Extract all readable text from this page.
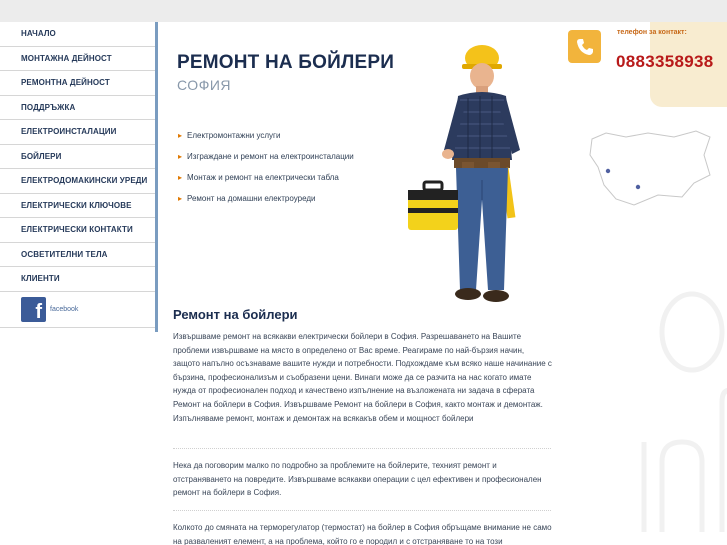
НАЧАЛО
МОНТАЖНА ДЕЙНОСТ
РЕМОНТНА ДЕЙНОСТ
ПОДДРЪЖКА
ЕЛЕКТРОИНСТАЛАЦИИ
БОЙЛЕРИ
ЕЛЕКТРОДОМАКИНСКИ УРЕДИ
ЕЛЕКТРИЧЕСКИ КЛЮЧОВЕ
ЕЛЕКТРИЧЕСКИ КОНТАКТИ
ОСВЕТИТЕЛНИ ТЕЛА
КЛИЕНТИ
f	facebook
РЕМОНТ НА БОЙЛЕРИ
СОФИЯ
▸ Електромонтажни услуги
▸ Изграждане и ремонт на електроинсталации
▸ Монтаж и ремонт на електрически табла
▸ Ремонт на домашни електроуреди
телефон за контакт:
0883358938
Ремонт на бойлери

Извършваме ремонт на всякакви електрически бойлери в София. Разрешаването на Вашите проблеми извършваме на място в определено от Вас време. Реагираме по най-бързия начин, защото напълно осъзнаваме вашите нужди и потребности. Подхождаме към всяко наше начинание с бързина, професионализъм и съобразени цени. Винаги може да се разчита на нас когато имате нужда от професионален подход и качествено изпълнение на възложената ни задача в сферата Ремонт на бойлери в София. Извършваме Ремонт на бойлери в София, както монтаж и демонтаж. Изпълняваме ремонт, монтаж и демонтаж на всякакъв обем и мощност бойлери

Нека да поговорим малко по подробно за проблемите на бойлерите, техният ремонт и отстраняването на повредите. Извършваме всякакви операции с цел ефективен и професионален ремонт на бойлери в София.

Колкото до смяната на терморегулатор (термостат) на бойлер в София обръщаме внимание не само на развалeният елемент, а на проблема, който го е породил и с отстраняване то на този
